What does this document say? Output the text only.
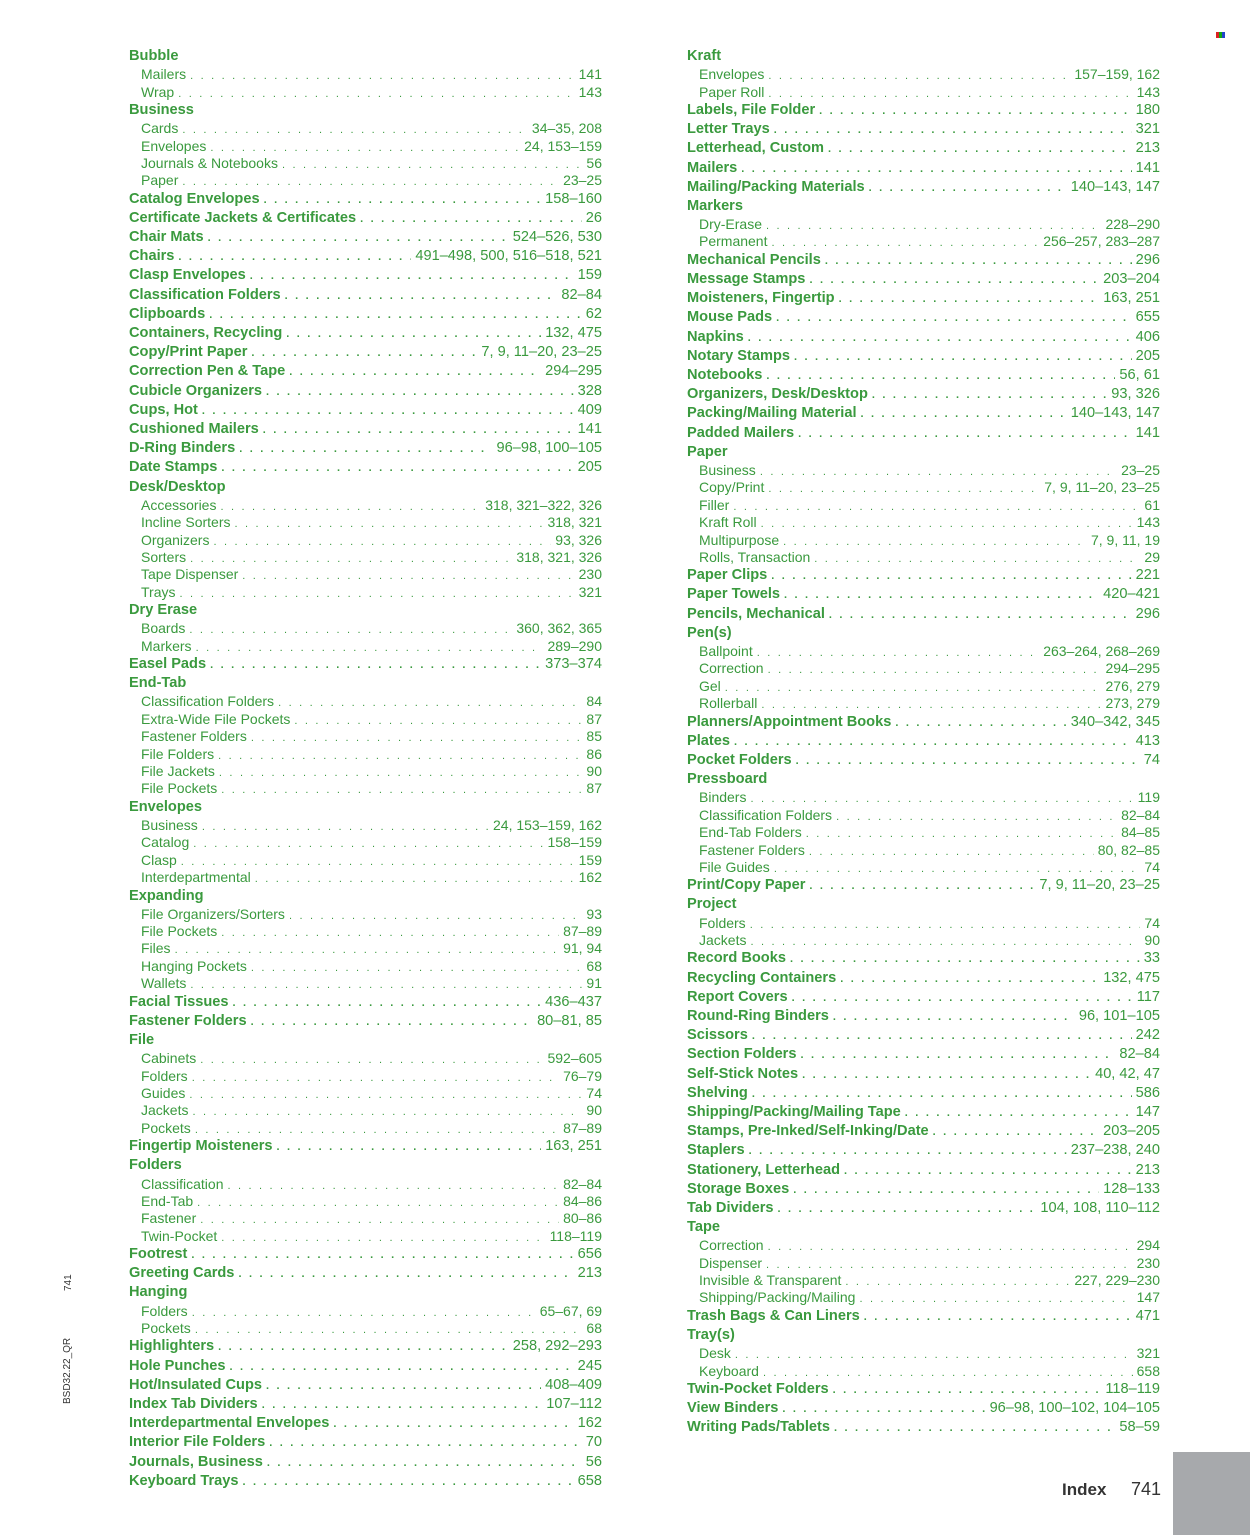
Bubble
Mailers . . .	141
Wrap . . .	143
Business
Cards . . .	34–35, 208
Envelopes . . .	24, 153–159
Journals & Notebooks . . .	56
Paper . . .	23–25
Catalog Envelopes . . .	158–160
Certificate Jackets & Certificates . . .	26
Chair Mats . . .	524–526, 530
Chairs . . .	491–498, 500, 516–518, 521
Clasp Envelopes . . .	159
Classification Folders . . .	82–84
Clipboards . . .	62
Containers, Recycling . . .	132, 475
Copy/Print Paper . . .	7, 9, 11–20, 23–25
Correction Pen & Tape . . .	294–295
Cubicle Organizers . . .	328
Cups, Hot . . .	409
Cushioned Mailers . . .	141
D-Ring Binders . . .	96–98, 100–105
Date Stamps . . .	205
Desk/Desktop
Accessories . . .	318, 321–322, 326
Incline Sorters . . .	318, 321
Organizers . . .	93, 326
Sorters . . .	318, 321, 326
Tape Dispenser . . .	230
Trays . . .	321
Dry Erase
Boards . . .	360, 362, 365
Markers . . .	289–290
Easel Pads . . .	373–374
End-Tab
Classification Folders . . .	84
Extra-Wide File Pockets . . .	87
Fastener Folders . . .	85
File Folders . . .	86
File Jackets . . .	90
File Pockets . . .	87
Envelopes
Business . . .	24, 153–159, 162
Catalog . . .	158–159
Clasp . . .	159
Interdepartmental . . .	162
Expanding
File Organizers/Sorters . . .	93
File Pockets . . .	87–89
Files . . .	91, 94
Hanging Pockets . . .	68
Wallets . . .	91
Facial Tissues . . .	436–437
Fastener Folders . . .	80–81, 85
File
Cabinets . . .	592–605
Folders . . .	76–79
Guides . . .	74
Jackets . . .	90
Pockets . . .	87–89
Fingertip Moisteners . . .	163, 251
Folders
Classification . . .	82–84
End-Tab . . .	84–86
Fastener . . .	80–86
Twin-Pocket . . .	118–119
Footrest . . .	656
Greeting Cards . . .	213
Hanging
Folders . . .	65–67, 69
Pockets . . .	68
Highlighters . . .	258, 292–293
Hole Punches . . .	245
Hot/Insulated Cups . . .	408–409
Index Tab Dividers . . .	107–112
Interdepartmental Envelopes . . .	162
Interior File Folders . . .	70
Journals, Business . . .	56
Keyboard Trays . . .	658
Kraft
Envelopes . . .	157–159, 162
Paper Roll . . .	143
Labels, File Folder . . .	180
Letter Trays . . .	321
Letterhead, Custom . . .	213
Mailers . . .	141
Mailing/Packing Materials . . .	140–143, 147
Markers
Dry-Erase . . .	228–290
Permanent . . .	256–257, 283–287
Mechanical Pencils . . .	296
Message Stamps . . .	203–204
Moisteners, Fingertip . . .	163, 251
Mouse Pads . . .	655
Napkins . . .	406
Notary Stamps . . .	205
Notebooks . . .	56, 61
Organizers, Desk/Desktop . . .	93, 326
Packing/Mailing Material . . .	140–143, 147
Padded Mailers . . .	141
Paper
Business . . .	23–25
Copy/Print . . .	7, 9, 11–20, 23–25
Filler . . .	61
Kraft Roll . . .	143
Multipurpose . . .	7, 9, 11, 19
Rolls, Transaction . . .	29
Paper Clips . . .	221
Paper Towels . . .	420–421
Pencils, Mechanical . . .	296
Pen(s)
Ballpoint . . .	263–264, 268–269
Correction . . .	294–295
Gel . . .	276, 279
Rollerball . . .	273, 279
Planners/Appointment Books . . .	340–342, 345
Plates . . .	413
Pocket Folders . . .	74
Pressboard
Binders . . .	119
Classification Folders . . .	82–84
End-Tab Folders . . .	84–85
Fastener Folders . . .	80, 82–85
File Guides . . .	74
Print/Copy Paper . . .	7, 9, 11–20, 23–25
Project
Folders . . .	74
Jackets . . .	90
Record Books . . .	33
Recycling Containers . . .	132, 475
Report Covers . . .	117
Round-Ring Binders . . .	96, 101–105
Scissors . . .	242
Section Folders . . .	82–84
Self-Stick Notes . . .	40, 42, 47
Shelving . . .	586
Shipping/Packing/Mailing Tape . . .	147
Stamps, Pre-Inked/Self-Inking/Date . . .	203–205
Staplers . . .	237–238, 240
Stationery, Letterhead . . .	213
Storage Boxes . . .	128–133
Tab Dividers . . .	104, 108, 110–112
Tape
Correction . . .	294
Dispenser . . .	230
Invisible & Transparent . . .	227, 229–230
Shipping/Packing/Mailing . . .	147
Trash Bags & Can Liners . . .	471
Tray(s)
Desk . . .	321
Keyboard . . .	658
Twin-Pocket Folders . . .	118–119
View Binders . . .	96–98, 100–102, 104–105
Writing Pads/Tablets . . .	58–59
741
BSD32.22_QR
Index 741
